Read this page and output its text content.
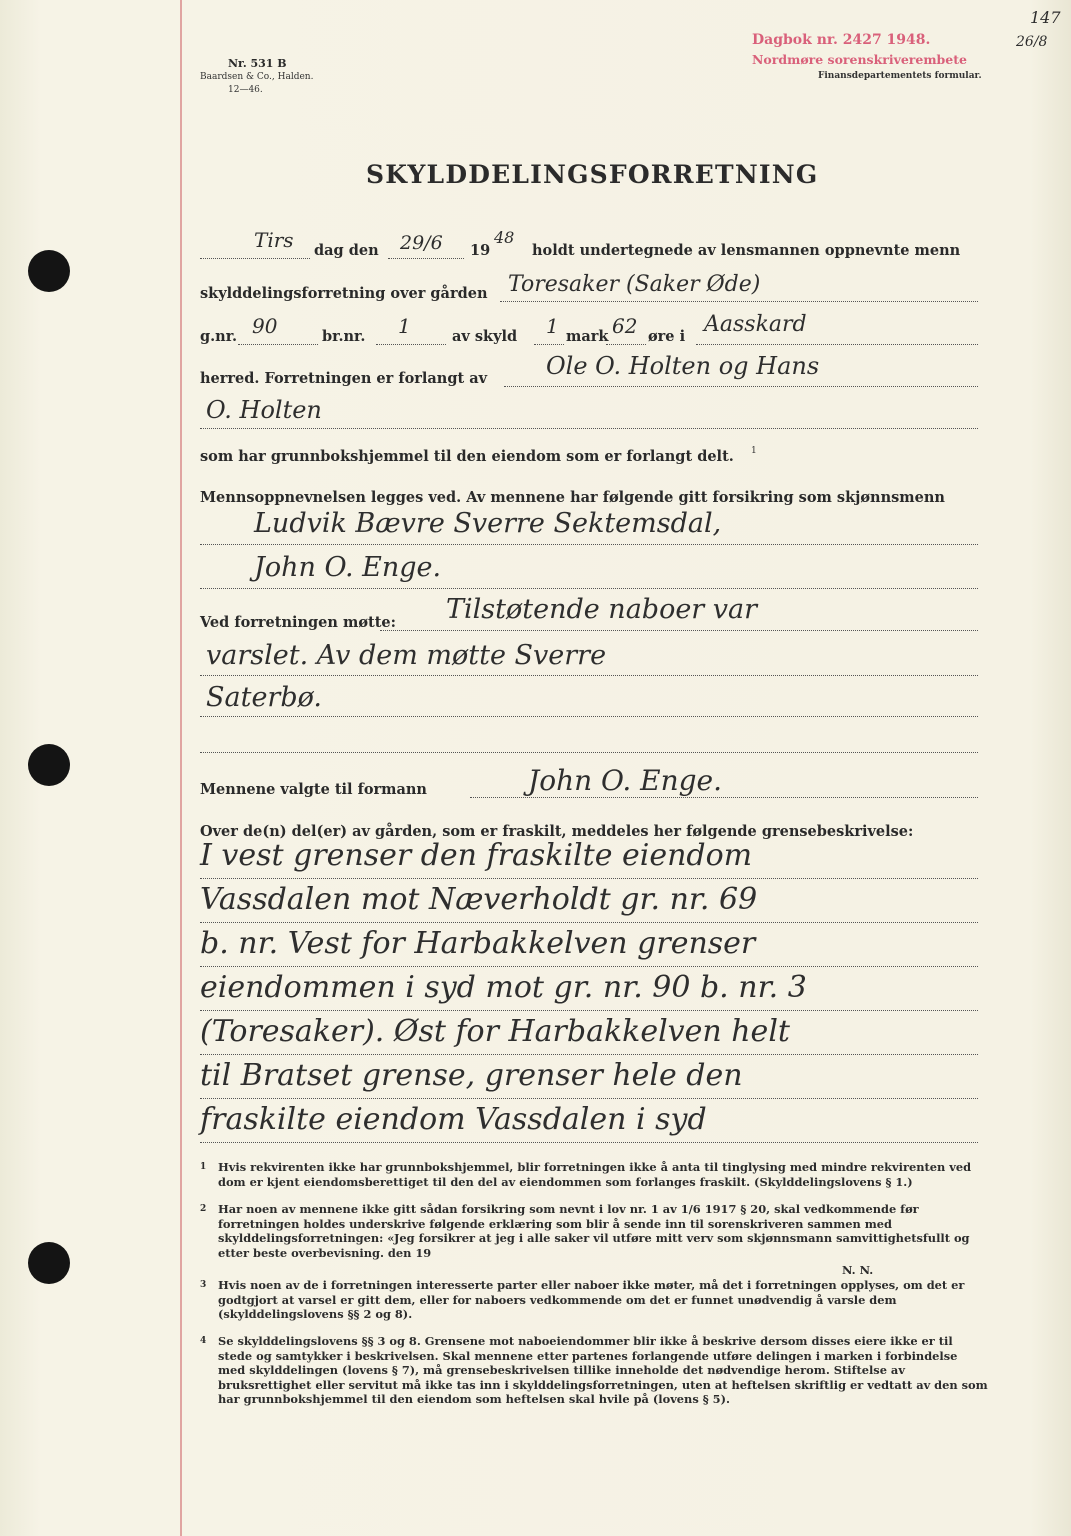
Nr. 531 B
Baardsen & Co., Halden.
12—46.
Dagbok nr. 2427 1948.
Nordmøre sorenskriverembete
Finansdepartementets formular.
147
26/8
SKYLDDELINGSFORRETNING
Tirs dag den 29/6 19
48
holdt undertegnede av lensmannen oppnevnte menn
skylddelingsforretning over gården Toresaker (Saker Øde)
g.nr. 90	br.nr. 1	av skyld 1 mark 62 øre i Aasskard
herred. Forretningen er forlangt av Ole O. Holten og Hans
O. Holten
som har grunnbokshjemmel til den eiendom som er forlangt delt. 1
Mennsoppnevnelsen legges ved. Av mennene har følgende gitt forsikring som skjønnsmenn
Ludvik Bævre Sverre Sektemsdal,
John O. Enge.
Ved forretningen møtte: Tilstøtende naboer var
varslet. Av dem møtte Sverre
Saterbø.
Mennene valgte til formann	John O. Enge.
Over de(n) del(er) av gården, som er fraskilt, meddeles her følgende grensebeskrivelse:
I vest grenser den fraskilte eiendom
Vassdalen mot Næverholdt gr. nr. 69
b. nr. Vest for Harbakkelven grenser
eiendommen i syd mot gr. nr. 90 b. nr. 3
(Toresaker). Øst for Harbakkelven helt
til Bratset grense, grenser hele den
fraskilte eiendom Vassdalen i syd
1 Hvis rekvirenten ikke har grunnbokshjemmel, blir forretningen ikke å anta til tinglysing med mindre rekvirenten ved dom er kjent eiendomsberettiget til den del av eiendommen som forlanges fraskilt. (Skylddelingslovens § 1.)
2 Har noen av mennene ikke gitt sådan forsikring som nevnt i lov nr. 1 av 1/6 1917 § 20, skal vedkommende før forretningen holdes underskrive følgende erklæring som blir å sende inn til sorenskriveren sammen med skylddelingsforretningen: «Jeg forsikrer at jeg i alle saker vil utføre mitt verv som skjønnsmann samvittighetsfullt og etter beste overbevisning. den 19
N. N.
3 Hvis noen av de i forretningen interesserte parter eller naboer ikke møter, må det i forretningen opplyses, om det er godtgjort at varsel er gitt dem, eller for naboers vedkommende om det er funnet unødvendig å varsle dem (skylddelingslovens §§ 2 og 8).
4 Se skylddelingslovens §§ 3 og 8. Grensene mot naboeiendommer blir ikke å beskrive dersom disses eiere ikke er til stede og samtykker i beskrivelsen. Skal mennene etter partenes forlangende utføre delingen i marken i forbindelse med skylddelingen (lovens § 7), må grensebeskrivelsen tillike inneholde det nødvendige herom. Stiftelse av bruksrettighet eller servitut må ikke tas inn i skylddelingsforretningen, uten at heftelsen skriftlig er vedtatt av den som har grunnbokshjemmel til den eiendom som heftelsen skal hvile på (lovens § 5).
